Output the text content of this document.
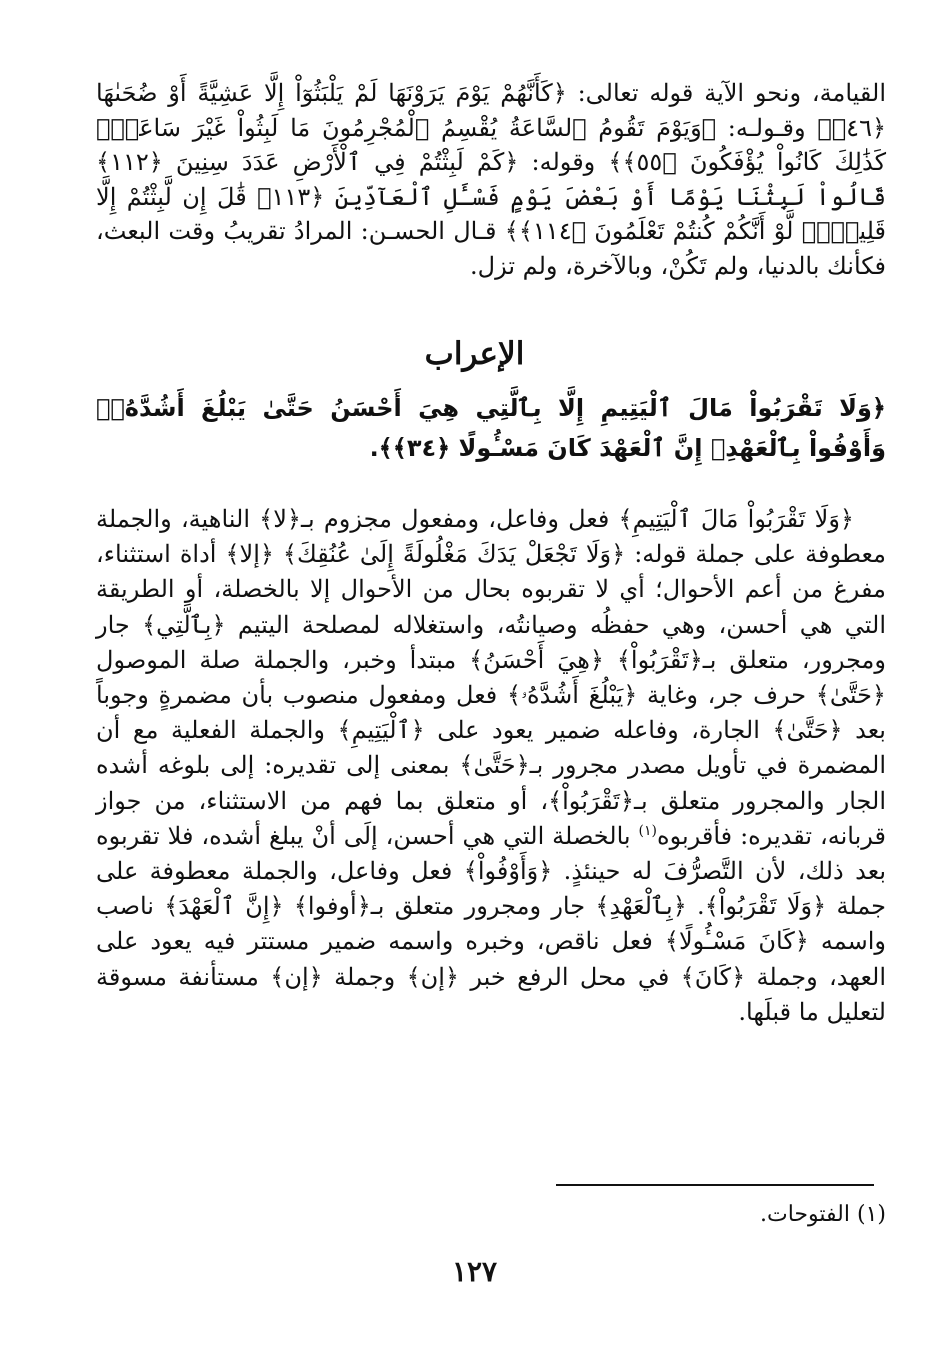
القيامة، ونحو الآية قوله تعالى: ﴿كَأَنَّهُمْ يَوْمَ يَرَوْنَهَا لَمْ يَلْبَثُوٓاْ إِلَّا عَشِيَّةً أَوْ ضُحَىٰهَا ﴿٤٦﴾﴾ وقـولـه: ﴿وَيَوْمَ تَقُومُ ٱلسَّاعَةُ يُقْسِمُ ٱلْمُجْرِمُونَ مَا لَبِثُواْ غَيْرَ سَاعَةٍۚ كَذَٰلِكَ كَانُواْ يُؤْفَكُونَ ﴿٥٥﴾﴾ وقوله: ﴿كَمْ لَبِثْتُمْ فِي ٱلْأَرْضِ عَدَدَ سِنِينَ ﴿١١٢﴾ قَالُواْ لَبِثْنَا يَوْمًا أَوْ بَعْضَ يَوْمٍ فَسْـَٔلِ ٱلْعَآدِّينَ ﴿١١٣﴾ قَٰلَ إِن لَّبِثْتُمْ إِلَّا قَلِيلًاۖ لَّوْ أَنَّكُمْ كُنتُمْ تَعْلَمُونَ ﴿١١٤﴾﴾ قـال الحسـن: المرادُ تقريبُ وقت البعث، فكأنك بالدنيا، ولم تَكُنْ، وبالآخرة، ولم تزل.

الإعراب

﴿وَلَا تَقْرَبُواْ مَالَ ٱلْيَتِيمِ إِلَّا بِٱلَّتِي هِيَ أَحْسَنُ حَتَّىٰ يَبْلُغَ أَشُدَّهُۥۚ وَأَوْفُواْ بِٱلْعَهْدِۖ إِنَّ ٱلْعَهْدَ كَانَ مَسْـُٔولًا ﴿٣٤﴾﴾.

﴿وَلَا تَقْرَبُواْ مَالَ ٱلْيَتِيمِ﴾ فعل وفاعل، ومفعول مجزوم بـ﴿لا﴾ الناهية، والجملة معطوفة على جملة قوله: ﴿وَلَا تَجْعَلْ يَدَكَ مَغْلُولَةً إِلَىٰ عُنُقِكَ﴾ ﴿إلا﴾ أداة استثناء، مفرغ من أعم الأحوال؛ أي لا تقربوه بحال من الأحوال إلا بالخصلة، أو الطريقة التي هي أحسن، وهي حفظُه وصيانتُه، واستغلاله لمصلحة اليتيم ﴿بِٱلَّتِي﴾ جار ومجرور، متعلق بـ﴿تَقْرَبُواْ﴾ ﴿هِيَ أَحْسَنُ﴾ مبتدأ وخبر، والجملة صلة الموصول ﴿حَتَّىٰ﴾ حرف جر، وغاية ﴿يَبْلُغَ أَشُدَّهُۥ﴾ فعل ومفعول منصوب بأن مضمرةٍ وجوباً بعد ﴿حَتَّىٰ﴾ الجارة، وفاعله ضمير يعود على ﴿ٱلْيَتِيمِ﴾ والجملة الفعلية مع أن المضمرة في تأويل مصدر مجرور بـ﴿حَتَّىٰ﴾ بمعنى إلى تقديره: إلى بلوغه أشده الجار والمجرور متعلق بـ﴿تَقْرَبُواْ﴾، أو متعلق بما فهم من الاستثناء، من جواز قربانه، تقديره: فأقربوه$^{(١)}$ بالخصلة التي هي أحسن، إلَى أنْ يبلغ أشده، فلا تقربوه بعد ذلك، لأن التَّصرُّفَ له حينئذٍ. ﴿وَأَوْفُواْ﴾ فعل وفاعل، والجملة معطوفة على جملة ﴿وَلَا تَقْرَبُواْ﴾. ﴿بِٱلْعَهْدِ﴾ جار ومجرور متعلق بـ﴿أوفوا﴾ ﴿إِنَّ ٱلْعَهْدَ﴾ ناصب واسمه ﴿كَانَ مَسْـُٔولًا﴾ فعل ناقص، وخبره واسمه ضمير مستتر فيه يعود على العهد، وجملة ﴿كَانَ﴾ في محل الرفع خبر ﴿إن﴾ وجملة ﴿إن﴾ مستأنفة مسوقة لتعليل ما قبلَها.

(١) الفتوحات.
١٢٧
